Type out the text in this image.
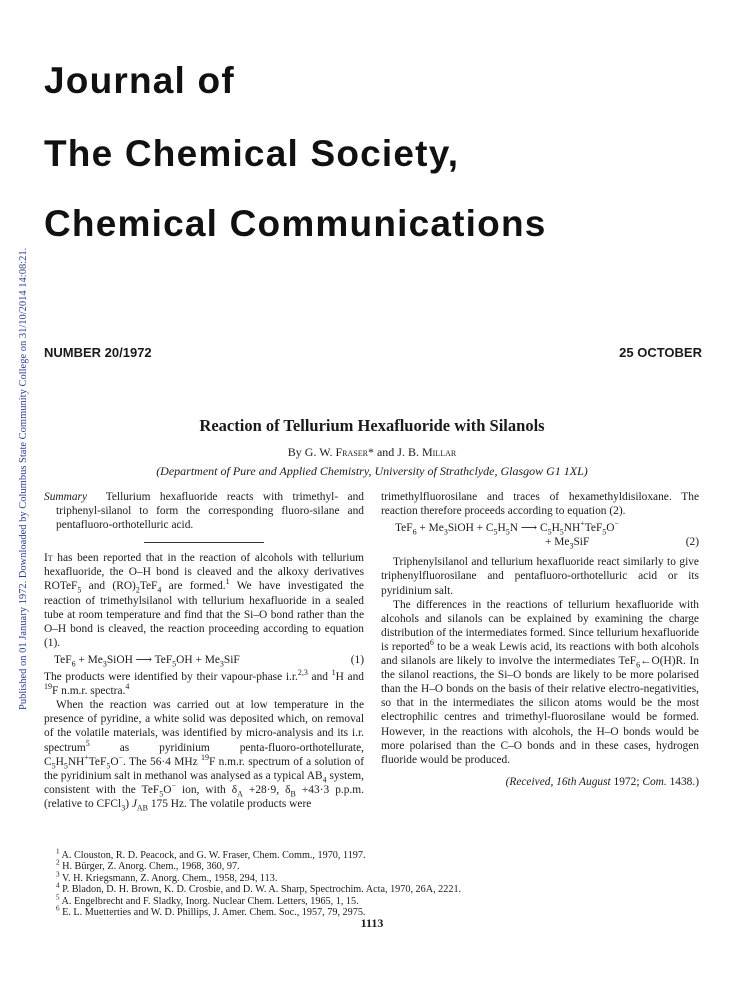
Published on 01 January 1972. Downloaded by Columbus State Community College on 31/10/2014 14:08:21.
Journal of
The Chemical Society,
Chemical Communications
NUMBER 20/1972	25 OCTOBER
Reaction of Tellurium Hexafluoride with Silanols
By G. W. Fraser* and J. B. Millar
(Department of Pure and Applied Chemistry, University of Strathclyde, Glasgow G1 1XL)

Summary  Tellurium hexafluoride reacts with trimethyl- and triphenyl-silanol to form the corresponding fluoro-silane and pentafluoro-orthotelluric acid.

It has been reported that in the reaction of alcohols with tellurium hexafluoride, the O–H bond is cleaved and the alkoxy derivatives ROTeF$_5$ and $(RO)_2TeF_4$ are formed.$^1$ We have investigated the reaction of trimethylsilanol with tellurium hexafluoride in a sealed tube at room temperature and find that the Si–O bond rather than the O–H bond is cleaved, the reaction proceeding according to equation (1).

$TeF_6 + Me_3SiOH$ ⟶ $TeF_5OH + Me_3SiF$	(1)

The products were identified by their vapour-phase i.r.$^{2,3}$ and $^1$H and $^{19}$F n.m.r. spectra.$^4$

When the reaction was carried out at low temperature in the presence of pyridine, a white solid was deposited which, on removal of the volatile materials, was identified by micro-analysis and its i.r. spectrum$^5$ as pyridinium penta-fluoro-orthotellurate, $C_5H_5NH^+TeF_5O^-$. The 56·4 MHz $^{19}$F n.m.r. spectrum of a solution of the pyridinium salt in methanol was analysed as a typical $AB_4$ system, consistent with the TeF$_5$O− ion, with $\delta_A +28\cdot 9$, $\delta_B +43\cdot 3$ p.p.m. (relative to CFCl$_3$) $J_{AB}$ 175 Hz. The volatile products were

trimethylfluorosilane and traces of hexamethyldisiloxane. The reaction therefore proceeds according to equation (2).

$TeF_6 + Me_3SiOH + C_5H_5N$ ⟶ $C_5H_5NH^+TeF_5O^-$
+ $Me_3SiF$	(2)

Triphenylsilanol and tellurium hexafluoride react similarly to give triphenylfluorosilane and pentafluoro-orthotelluric acid or its pyridinium salt.

The differences in the reactions of tellurium hexafluoride with alcohols and silanols can be explained by examining the charge distribution of the intermediates formed. Since tellurium hexafluoride is reported$^6$ to be a weak Lewis acid, its reactions with both alcohols and silanols are likely to involve the intermediates TeF$_6$←O(H)R. In the silanol reactions, the Si–O bonds are likely to be more polarised than the H–O bonds on the basis of their relative electro-negativities, so that in the intermediates the silicon atoms would be the most electrophilic centres and trimethyl-fluorosilane would be formed. However, in the reactions with alcohols, the H–O bonds would be more polarised than the C–O bonds and in these cases, hydrogen fluoride would be produced.

(Received, 16th August 1972; Com. 1438.)

$^1$ A. Clouston, R. D. Peacock, and G. W. Fraser, Chem. Comm., 1970, 1197.
$^2$ H. Bürger, Z. Anorg. Chem., 1968, 360, 97.
$^3$ V. H. Kriegsmann, Z. Anorg. Chem., 1958, 294, 113.
$^4$ P. Bladon, D. H. Brown, K. D. Crosbie, and D. W. A. Sharp, Spectrochim. Acta, 1970, 26A, 2221.
$^5$ A. Engelbrecht and F. Sladky, Inorg. Nuclear Chem. Letters, 1965, 1, 15.
$^6$ E. L. Muetterties and W. D. Phillips, J. Amer. Chem. Soc., 1957, 79, 2975.
1113
